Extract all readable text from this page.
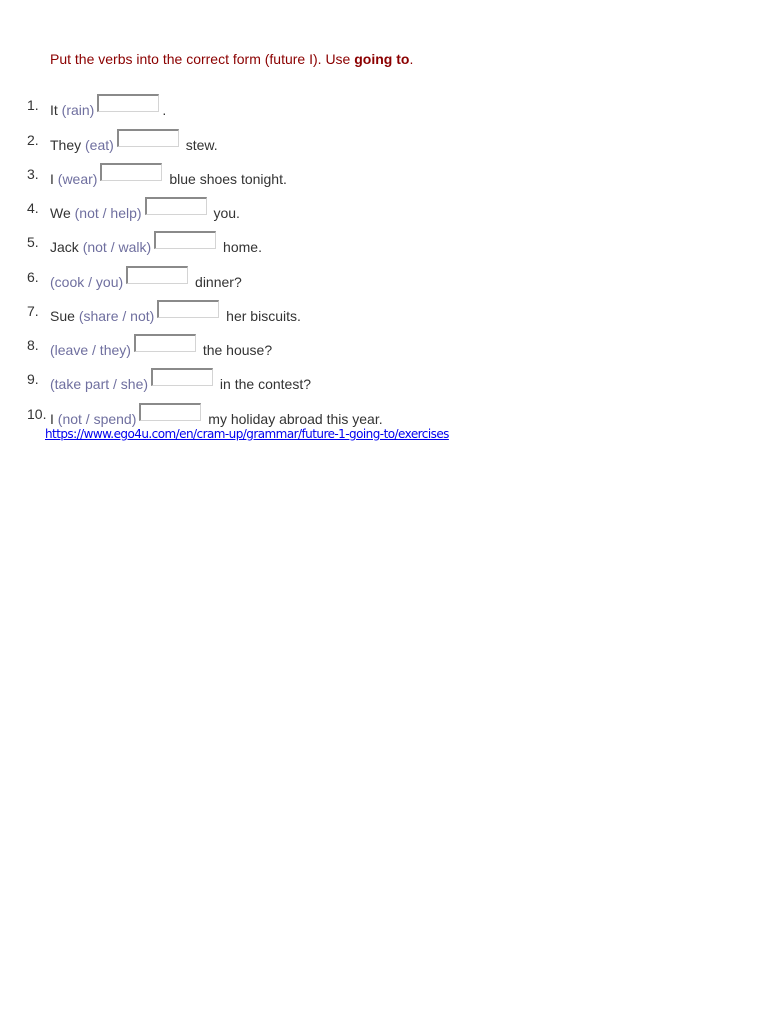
Put the verbs into the correct form (future I). Use going to.
1. It (rain)	.
2. They (eat)	stew.
3. I (wear)	blue shoes tonight.
4. We (not / help)	you.
5. Jack (not / walk)	home.
6. (cook / you)	dinner?
7. Sue (share / not)	her biscuits.
8. (leave / they)	the house?
9. (take part / she)	in the contest?
10. I (not / spend)	my holiday abroad this year.
https://www.ego4u.com/en/cram-up/grammar/future-1-going-to/exercises
